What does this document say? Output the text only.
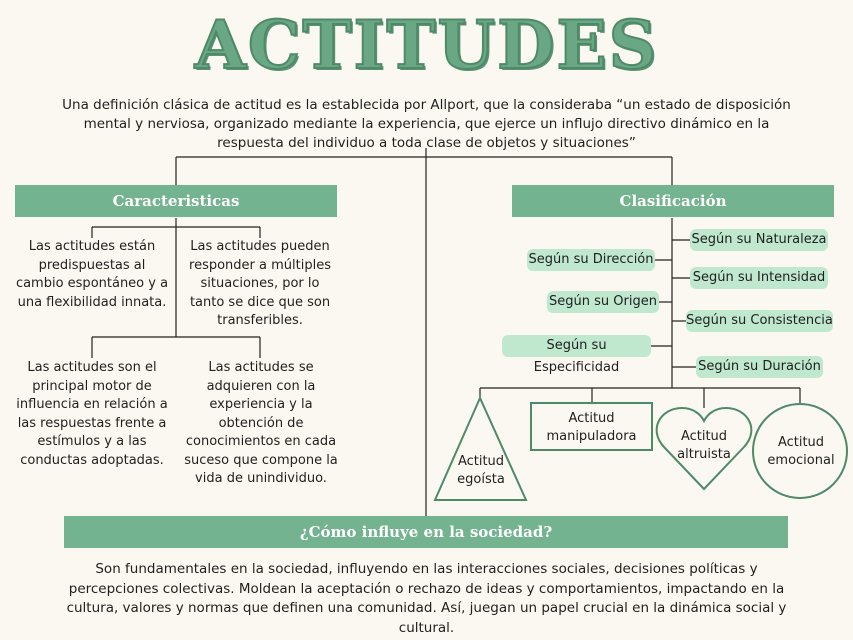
ACTITUDES
Una definición clásica de actitud es la establecida por Allport, que la consideraba “un estado de disposición mental y nerviosa, organizado mediante la experiencia, que ejerce un influjo directivo dinámico en la respuesta del individuo a toda clase de objetos y situaciones”
Caracteristicas
Las actitudes están predispuestas al cambio espontáneo y a una flexibilidad innata.
Las actitudes pueden responder a múltiples situaciones, por lo tanto se dice que son transferibles.
Las actitudes son el principal motor de influencia en relación a las respuestas frente a estímulos y a las conductas adoptadas.
Las actitudes se adquieren con la experiencia y la obtención de conocimientos en cada suceso que compone la vida de unindividuo.
Clasificación
Según su Naturaleza
Según su Dirección
Según su Intensidad
Según su Origen
Según su Consistencia
Según su Especificidad	Según su Duración
Actitud egoísta
Actitud manipuladora	Actitud altruista
Actitud emocional
¿Cómo influye en la sociedad?
Son fundamentales en la sociedad, influyendo en las interacciones sociales, decisiones políticas y percepciones colectivas. Moldean la aceptación o rechazo de ideas y comportamientos, impactando en la cultura, valores y normas que definen una comunidad. Así, juegan un papel crucial en la dinámica social y cultural.
